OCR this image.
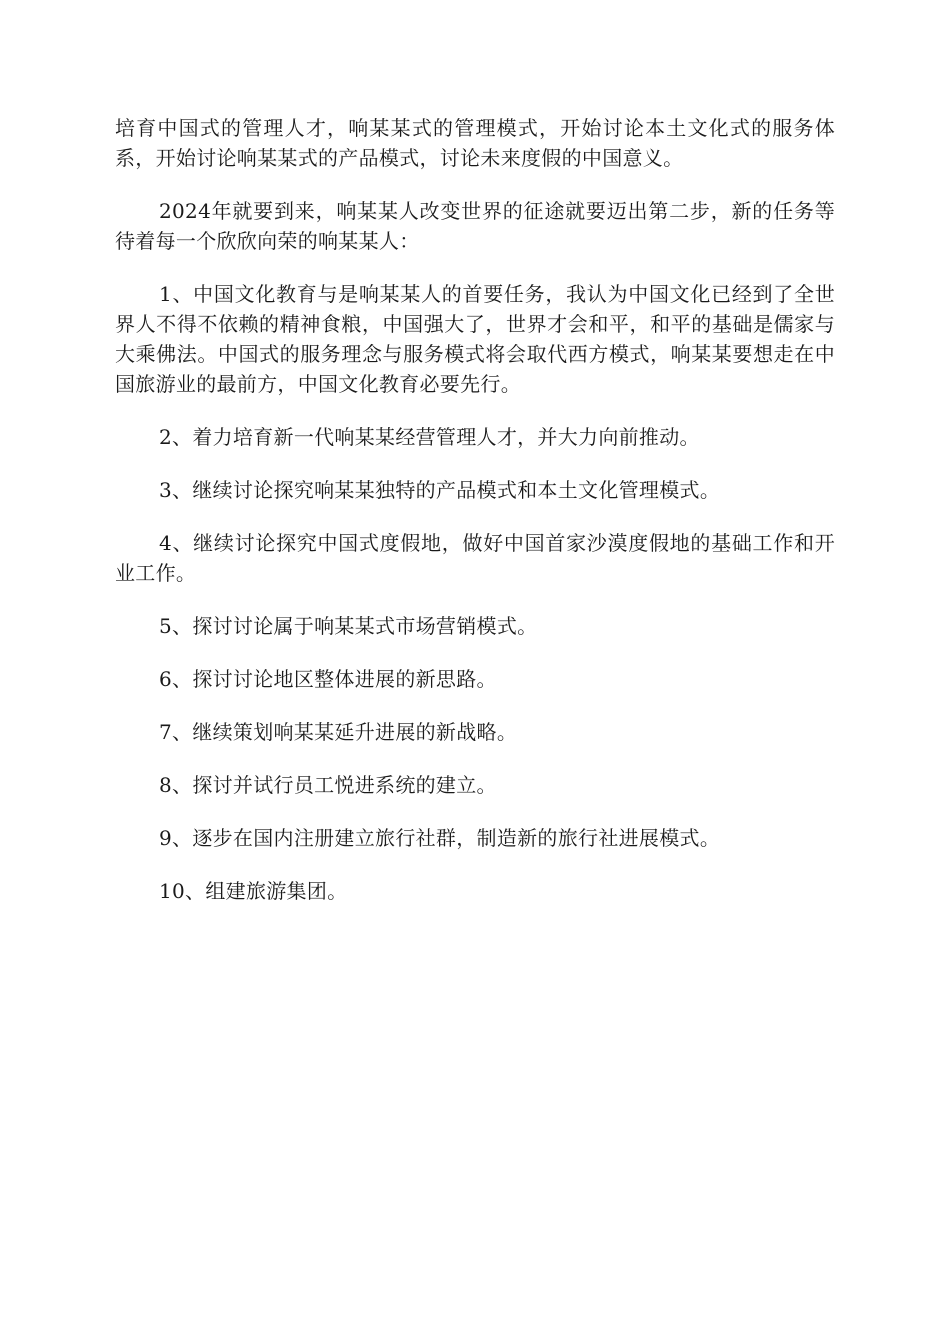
培育中国式的管理人才，响某某式的管理模式，开始讨论本土文化式的服务体系，开始讨论响某某式的产品模式，讨论未来度假的中国意义。

2024年就要到来，响某某人改变世界的征途就要迈出第二步，新的任务等待着每一个欣欣向荣的响某某人：

1、中国文化教育与是响某某人的首要任务，我认为中国文化已经到了全世界人不得不依赖的精神食粮，中国强大了，世界才会和平，和平的基础是儒家与大乘佛法。中国式的服务理念与服务模式将会取代西方模式，响某某要想走在中国旅游业的最前方，中国文化教育必要先行。

2、着力培育新一代响某某经营管理人才，并大力向前推动。

3、继续讨论探究响某某独特的产品模式和本土文化管理模式。

4、继续讨论探究中国式度假地，做好中国首家沙漠度假地的基础工作和开业工作。

5、探讨讨论属于响某某式市场营销模式。

6、探讨讨论地区整体进展的新思路。

7、继续策划响某某延升进展的新战略。

8、探讨并试行员工悦进系统的建立。

9、逐步在国内注册建立旅行社群，制造新的旅行社进展模式。

10、组建旅游集团。
